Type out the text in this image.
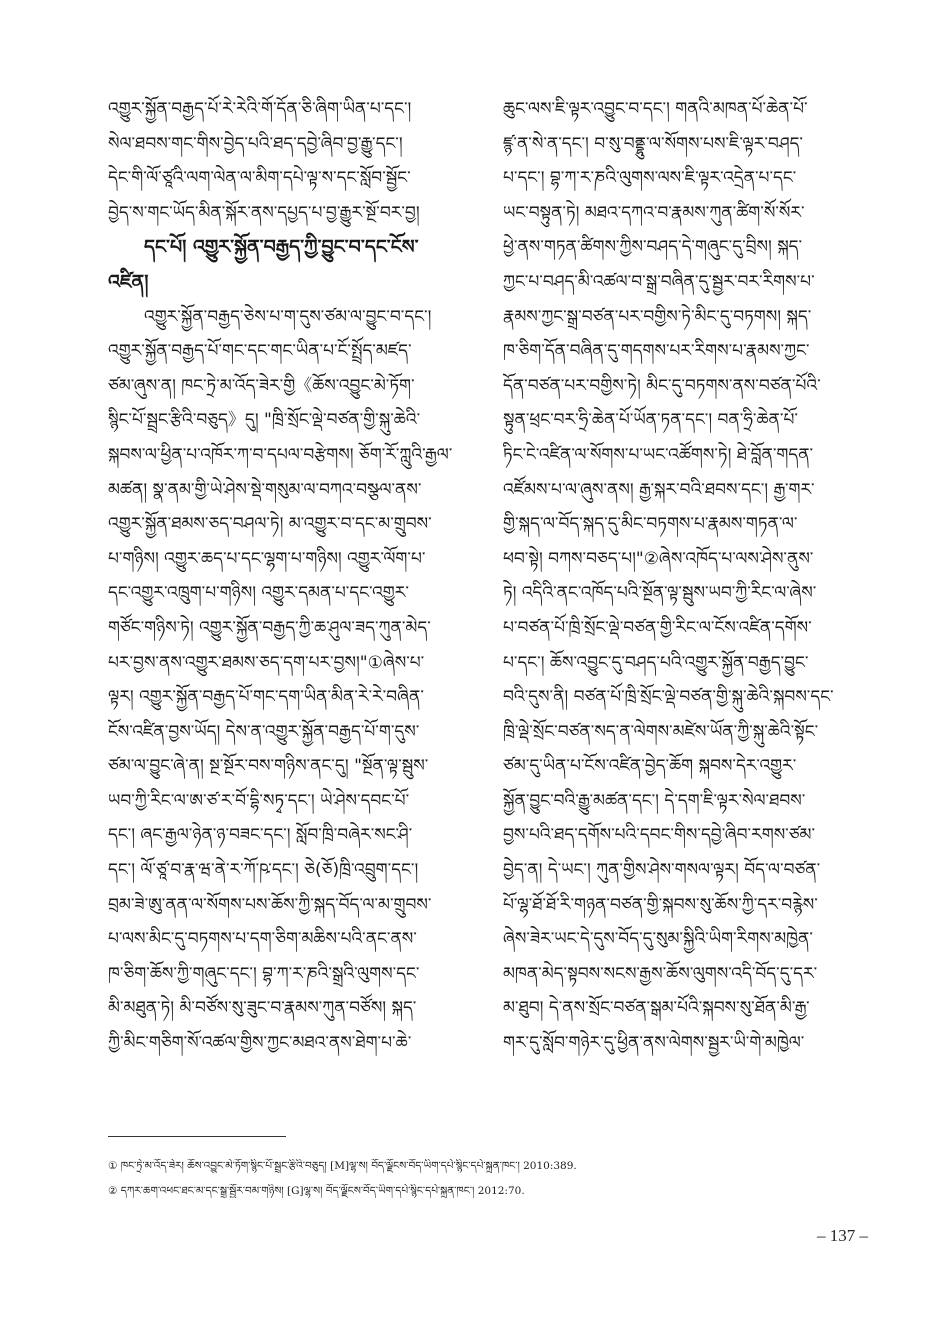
འགྱུར་སྐྱོན་བརྒྱད་པོ་རེ་རེའི་གོ་དོན་ཅི་ཞིག་ཡིན་པ་དང་།
སེལ་ཐབས་གང་གིས་བྱེད་པའི་ཐད་དབྱེ་ཞིབ་བྱ་རྒྱུ་དང་།
དེང་གི་ལོ་ཙཱའི་ལག་ལེན་ལ་མིག་དཔེ་ལྟ་ས་དང་སློབ་སྦྱོང་
བྱེད་ས་གང་ཡོད་མིན་སྐོར་ནས་དཔྱད་པ་བྱ་རྒྱུར་སྔོ་བར་བྱ།
དང་པོ། འགྱུར་སྐྱོན་བརྒྱད་ཀྱི་བྱུང་བ་དང་ངོས་
འཛིན།
འགྱུར་སྐྱོན་བརྒྱད་ཅེས་པ་ག་དུས་ཙམ་ལ་བྱུང་བ་དང་།
འགྱུར་སྐྱོན་བརྒྱད་པོ་གང་དང་གང་ཡིན་པ་ངོ་སྤྲོད་མཛད་
ཙམ་ཞུས་ན། ཁང་ཏྲེ་མ་འོད་ཟེར་གྱི《ཆོས་འབྱུང་མེ་ཏོག་
སྙིང་པོ་སྦྲང་རྩིའི་བཅུད》དུ། "ཁྲི་སྲོང་ལྡེ་བཙན་གྱི་སྐུ་ཆེའི་
སྐབས་ལ་ཕྱིན་པ་འཁོར་ཀ་བ་དཔལ་བརྩེགས། ཅོག་རོ་ཀླུའི་རྒྱལ་
མཚན། སྣ་ནམ་གྱི་ཡེ་ཤེས་སྡེ་གསུམ་ལ་བཀའ་བསྩལ་ནས་
འགྱུར་སྐྱོན་ཐམས་ཅད་བཤལ་ཏེ། མ་འགྱུར་བ་དང་མ་གྲུབས་
པ་གཉིས། འགྱུར་ཆད་པ་དང་ལྷག་པ་གཉིས། འགྱུར་ལོག་པ་
དང་འགྱུར་འཁྲུག་པ་གཉིས། འགྱུར་དམན་པ་དང་འགྱུར་
གཙོང་གཉིས་ཏེ། འགྱུར་སྐྱོན་བརྒྱད་ཀྱི་ཆ་ཤུལ་ཟད་ཀུན་མེད་
པར་བྱས་ནས་འགྱུར་ཐམས་ཅད་དག་པར་བྱས།"①ཞེས་པ་
ལྟར། འགྱུར་སྐྱོན་བརྒྱད་པོ་གང་དག་ཡིན་མིན་རེ་རེ་བཞིན་
ངོས་འཛིན་བྱས་ཡོད། དེས་ན་འགྱུར་སྐྱོན་བརྒྱད་པོ་ག་དུས་
ཙམ་ལ་བྱུང་ཞེ་ན། སྔ་སྔོར་བས་གཉིས་ནང་དུ། "སྔོན་ལྟ་སྦུས་
ཡབ་ཀྱི་རིང་ལ་ཨ་ཙ་ར་བོ་དྷི་སཏྭ་དང་། ཡེ་ཤེས་དབང་པོ་
དང་། ཞང་རྒྱལ་ཉེན་ཉ་བཟང་དང་། སློབ་ཁྲི་བཞེར་སང་ཤི་
དང་། ལོ་ཙཱ་བ་རྣ་ཝ་ནེ་ར་ཀོ་ཥ་དང་། ཅེ(ཅོ)ཁྲི་འབྲུག་དང་།
བྲམ་ཟེ་ཨུ་ནན་ལ་སོགས་པས་ཆོས་ཀྱི་སྐད་བོད་ལ་མ་གྲུབས་
པ་ལས་མིང་དུ་བཏགས་པ་དག་ཅིག་མཆིས་པའི་ནང་ནས་
ཁ་ཅིག་ཆོས་ཀྱི་གཞུང་དང་། བྷ་ཀ་ར་ཎའི་སྒྲའི་ལུགས་དང་
མི་མཐུན་ཏེ། མི་བཙོས་སུ་ཟུང་བ་རྣམས་ཀུན་བཙོས། སྐད་
ཀྱི་མིང་གཅིག་སོ་འཚལ་གྱིས་ཀྱང་མཐའ་ནས་ཐེག་པ་ཆེ་
ཆུང་ལས་ཇི་ལྟར་འབྱུང་བ་དང་། གནའི་མཁན་པོ་ཆེན་པོ་
ཛྙ་ན་སེ་ན་དང་། བ་སུ་བནྡྷུ་ལ་སོགས་པས་ཇི་ལྟར་བཤད་
པ་དང་། བྷ་ཀ་ར་ཎའི་ལུགས་ལས་ཇི་ལྟར་འདྲེན་པ་དང་
ཡང་བསྟུན་ཏེ། མཐའ་དཀའ་བ་རྣམས་ཀུན་ཚིག་སོ་སོར་
ཕྱེ་ནས་གཏན་ཚིགས་ཀྱིས་བཤད་དེ་གཞུང་དུ་བྲིས། སྐད་
ཀྱང་པ་བཤད་མི་འཚལ་བ་སྒྲ་བཞིན་དུ་སྦྱར་བར་རིགས་པ་
རྣམས་ཀྱང་སྒྲ་བཙན་པར་བགྱིས་ཏེ་མིང་དུ་བཏགས། སྐད་
ཁ་ཅིག་དོན་བཞིན་དུ་གདགས་པར་རིགས་པ་རྣམས་ཀྱང་
དོན་བཙན་པར་བགྱིས་ཏེ། མིང་དུ་བཏགས་ནས་བཙན་པོའི་
སྟུན་ཕྲང་བར་ཧྲི་ཆེན་པོ་ཡོན་ཏན་དང་། བན་ཧྲི་ཆེན་པོ་
ཏིང་ངེ་འཛིན་ལ་སོགས་པ་ཡང་འཚོགས་ཏེ། ཐེ་བློན་གདན་
འཛོམས་པ་ལ་ཞུས་ནས། རྒྱ་སྐར་བའི་ཐབས་དང་། རྒྱ་གར་
གྱི་སྐད་ལ་བོད་སྐད་དུ་མིང་བཏགས་པ་རྣམས་གཏན་ལ་
ཕབ་སྟེ། བཀས་བཅད་པ།"②ཞེས་འཁོད་པ་ལས་ཤེས་ནུས་
ཏེ། འདིའི་ནང་འཁོད་པའི་སྔོན་ལྟ་སྦུས་ཡབ་ཀྱི་རིང་ལ་ཞེས་
པ་བཙན་པོ་ཁྲི་སྲོང་ལྡེ་བཙན་གྱི་རིང་ལ་ངོས་འཛིན་དགོས་
པ་དང་། ཆོས་འབྱུང་དུ་བཤད་པའི་འགྱུར་སྐྱོན་བརྒྱད་བྱུང་
བའི་དུས་ནི། བཙན་པོ་ཁྲི་སྲོང་ལྡེ་བཙན་གྱི་སྐུ་ཆེའི་སྐབས་དང་
ཁྲི་ལྡེ་སྲོང་བཙན་སད་ན་ལེགས་མཛེས་ཡོན་ཀྱི་སྐུ་ཆེའི་སྟོང་
ཙམ་དུ་ཡིན་པ་ངོས་འཛིན་བྱེད་ཆོག སྐབས་དེར་འགྱུར་
སྐྱོན་བྱུང་བའི་རྒྱུ་མཚན་དང་། དེ་དག་ཇི་ལྟར་སེལ་ཐབས་
བྱས་པའི་ཐད་དགོས་པའི་དབང་གིས་དབྱེ་ཞིབ་རགས་ཙམ་
བྱེད་ན། དེ་ཡང་། ཀུན་གྱིས་ཤེས་གསལ་ལྟར། བོད་ལ་བཙན་
པོ་ལྷ་ཐོ་ཐོ་རི་གཉན་བཙན་གྱི་སྐབས་སུ་ཆོས་ཀྱི་དར་བརྙེས་
ཞེས་ཟེར་ཡང་དེ་དུས་བོད་དུ་སུམ་སྐྱིའི་ཡིག་རིགས་མཁྱེན་
མཁན་མེད་སྟབས་སངས་རྒྱས་ཆོས་ལུགས་འདི་བོད་དུ་དར་
མ་ཐུབ། དེ་ནས་སྲོང་བཙན་སྒམ་པོའི་སྐབས་སུ་ཐོན་མི་རྒྱ་
གར་དུ་སློབ་གཉེར་དུ་ཕྱིན་ནས་ལེགས་སྦྱར་ཡི་གེ་མཁྱེལ་
① ཁང་ཏྲེ་མ་འོད་ཟེར། ཆོས་འབྱུང་མེ་ཏོག་སྙིང་པོ་སྦྲང་རྩིའི་བཅུད། [M]ལྷ་ས། བོད་ལྗོངས་བོད་ཡིག་དཔེ་སྙིང་དཔེ་སྐྲུན་ཁང་། 2010:389.
② དཀར་ཆག་འཕང་ཐང་མ་དང་སྒྲ་སྦྱོར་བམ་གཉིས། [G]ལྷ་ས། བོད་ལྗོངས་བོད་ཡིག་དཔེ་སྙིང་དཔེ་སྐྲུན་ཁང་། 2012:70.
– 137 –
